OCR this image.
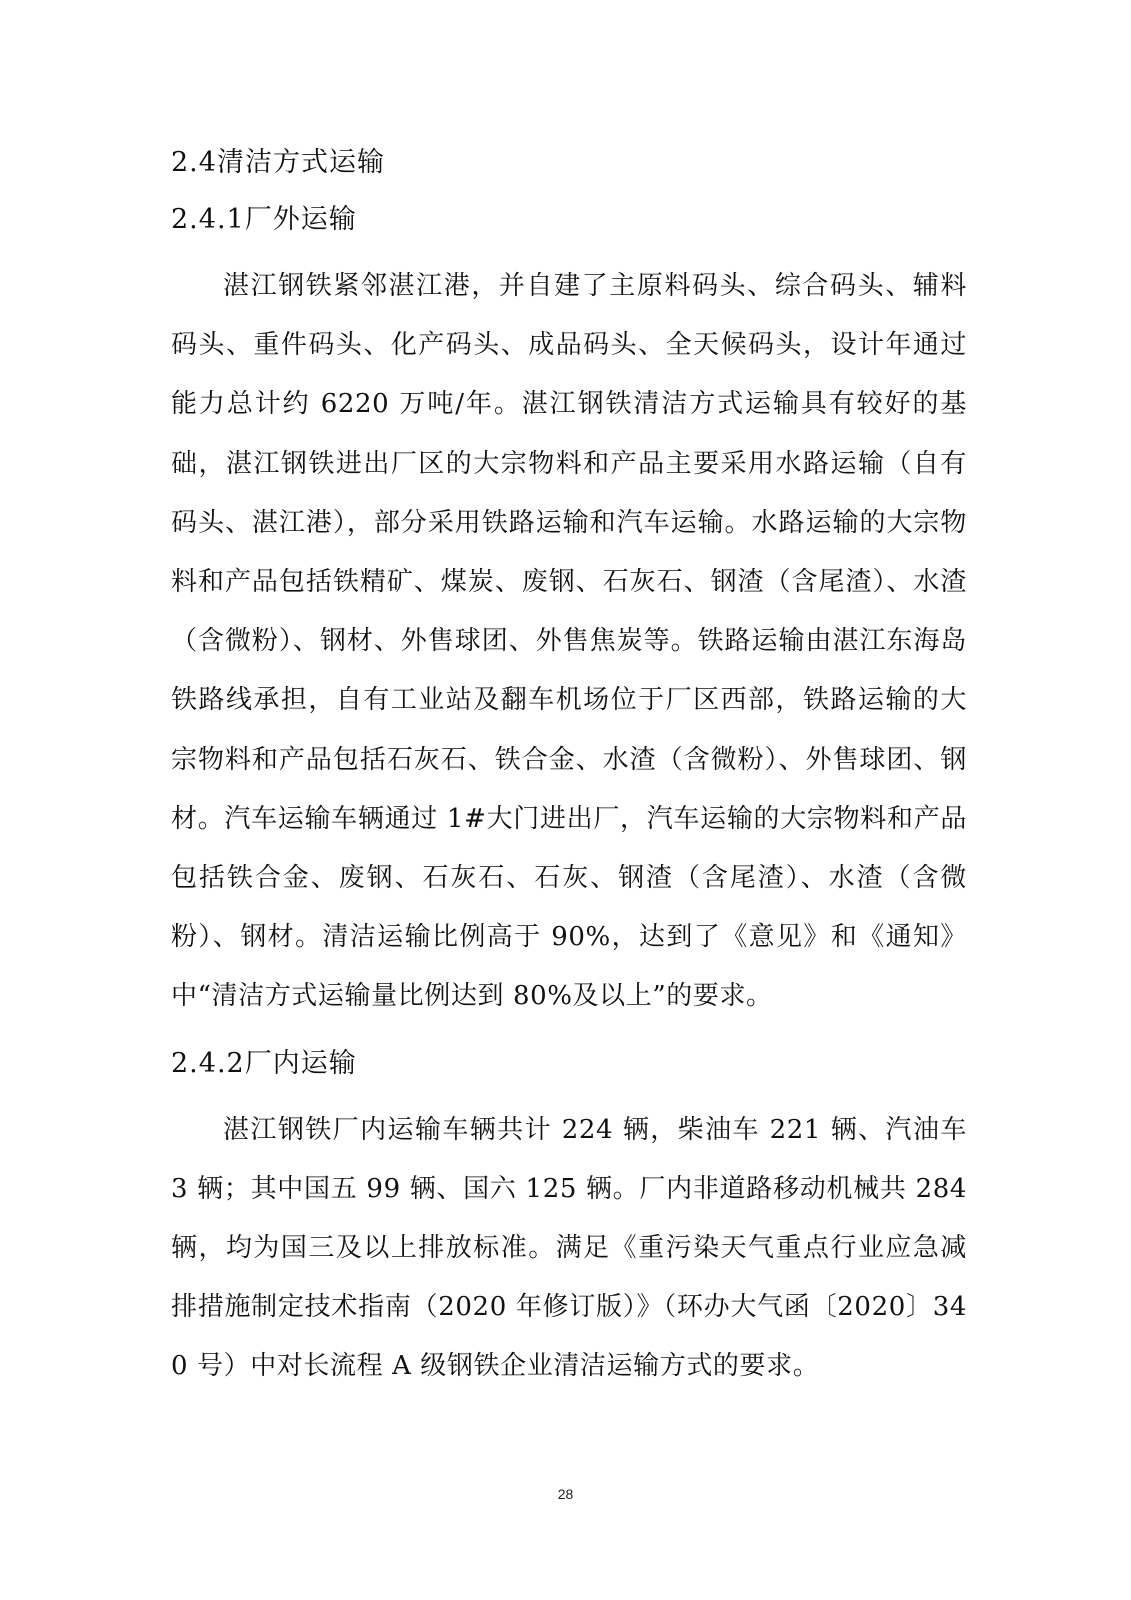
2.4清洁方式运输
2.4.1厂外运输
湛江钢铁紧邻湛江港，并自建了主原料码头、综合码头、辅料码头、重件码头、化产码头、成品码头、全天候码头，设计年通过能力总计约 6220 万吨/年。湛江钢铁清洁方式运输具有较好的基础，湛江钢铁进出厂区的大宗物料和产品主要采用水路运输（自有码头、湛江港），部分采用铁路运输和汽车运输。水路运输的大宗物料和产品包括铁精矿、煤炭、废钢、石灰石、钢渣（含尾渣）、水渣（含微粉）、钢材、外售球团、外售焦炭等。铁路运输由湛江东海岛铁路线承担，自有工业站及翻车机场位于厂区西部，铁路运输的大宗物料和产品包括石灰石、铁合金、水渣（含微粉）、外售球团、钢材。汽车运输车辆通过 1#大门进出厂，汽车运输的大宗物料和产品包括铁合金、废钢、石灰石、石灰、钢渣（含尾渣）、水渣（含微粉）、钢材。清洁运输比例高于 90%，达到了《意见》和《通知》中“清洁方式运输量比例达到 80%及以上”的要求。
2.4.2厂内运输
湛江钢铁厂内运输车辆共计 224 辆，柴油车 221 辆、汽油车 3 辆；其中国五 99 辆、国六 125 辆。厂内非道路移动机械共 284 辆，均为国三及以上排放标准。满足《重污染天气重点行业应急减排措施制定技术指南（2020 年修订版）》（环办大气函〔2020〕340 号）中对长流程 A 级钢铁企业清洁运输方式的要求。
28
